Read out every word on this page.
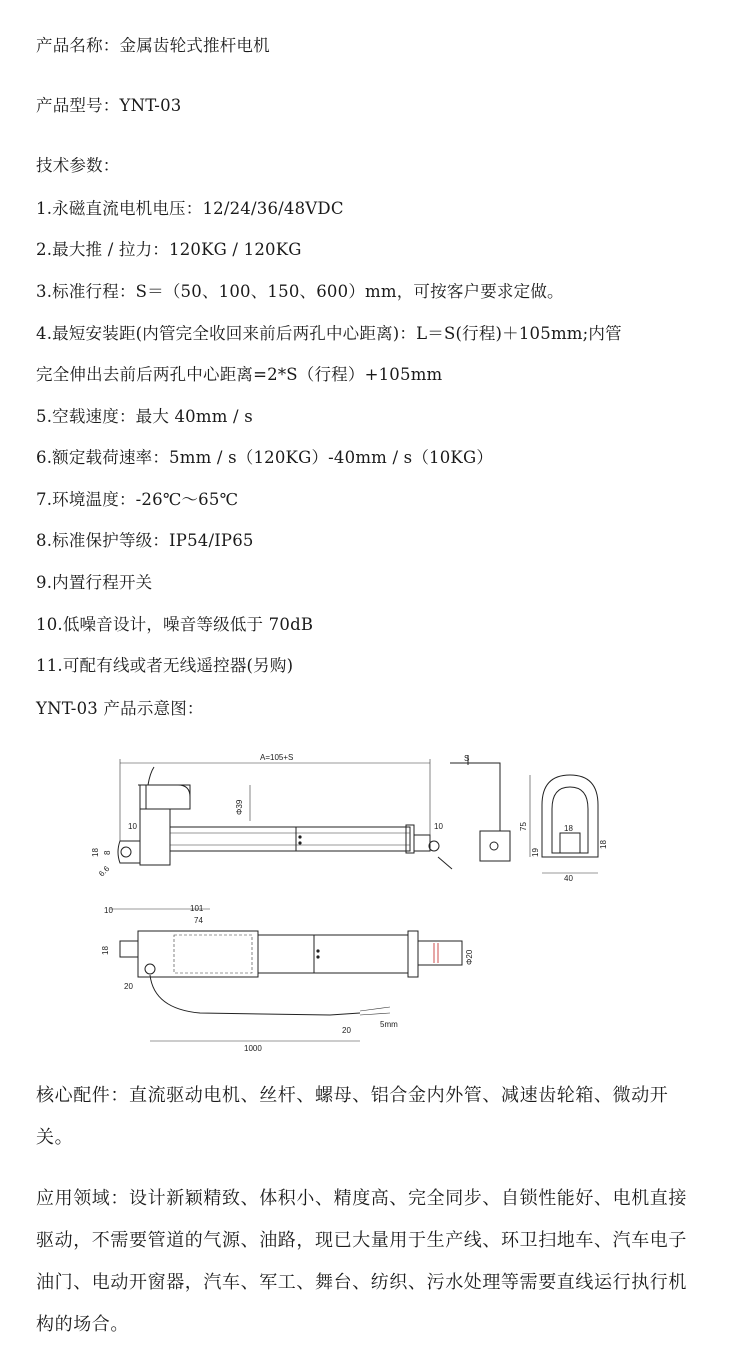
产品名称：金属齿轮式推杆电机
产品型号：YNT-03
技术参数：
1.永磁直流电机电压：12/24/36/48VDC
2.最大推 / 拉力：120KG / 120KG
3.标准行程：S＝（50、100、150、600）mm，可按客户要求定做。
4.最短安装距(内管完全收回来前后两孔中心距离)：L＝S(行程)＋105mm;内管
完全伸出去前后两孔中心距离=2*S（行程）+105mm
5.空载速度：最大 40mm / s
6.额定载荷速率：5mm / s（120KG）-40mm / s（10KG）
7.环境温度：-26℃～65℃
8.标准保护等级：IP54/IP65
9.内置行程开关
10.低噪音设计，噪音等级低于 70dB
11.可配有线或者无线遥控器(另购)
YNT-03 产品示意图：
A=105+S
Φ39
10
18 8
6.6
10
S
75	18
19
18
40
10	101
74
18
20
20
5mm
1000
Φ20
核心配件：直流驱动电机、丝杆、螺母、铝合金内外管、减速齿轮箱、微动开关。
应用领域：设计新颖精致、体积小、精度高、完全同步、自锁性能好、电机直接驱动，不需要管道的气源、油路，现已大量用于生产线、环卫扫地车、汽车电子油门、电动开窗器，汽车、军工、舞台、纺织、污水处理等需要直线运行执行机构的场合。
